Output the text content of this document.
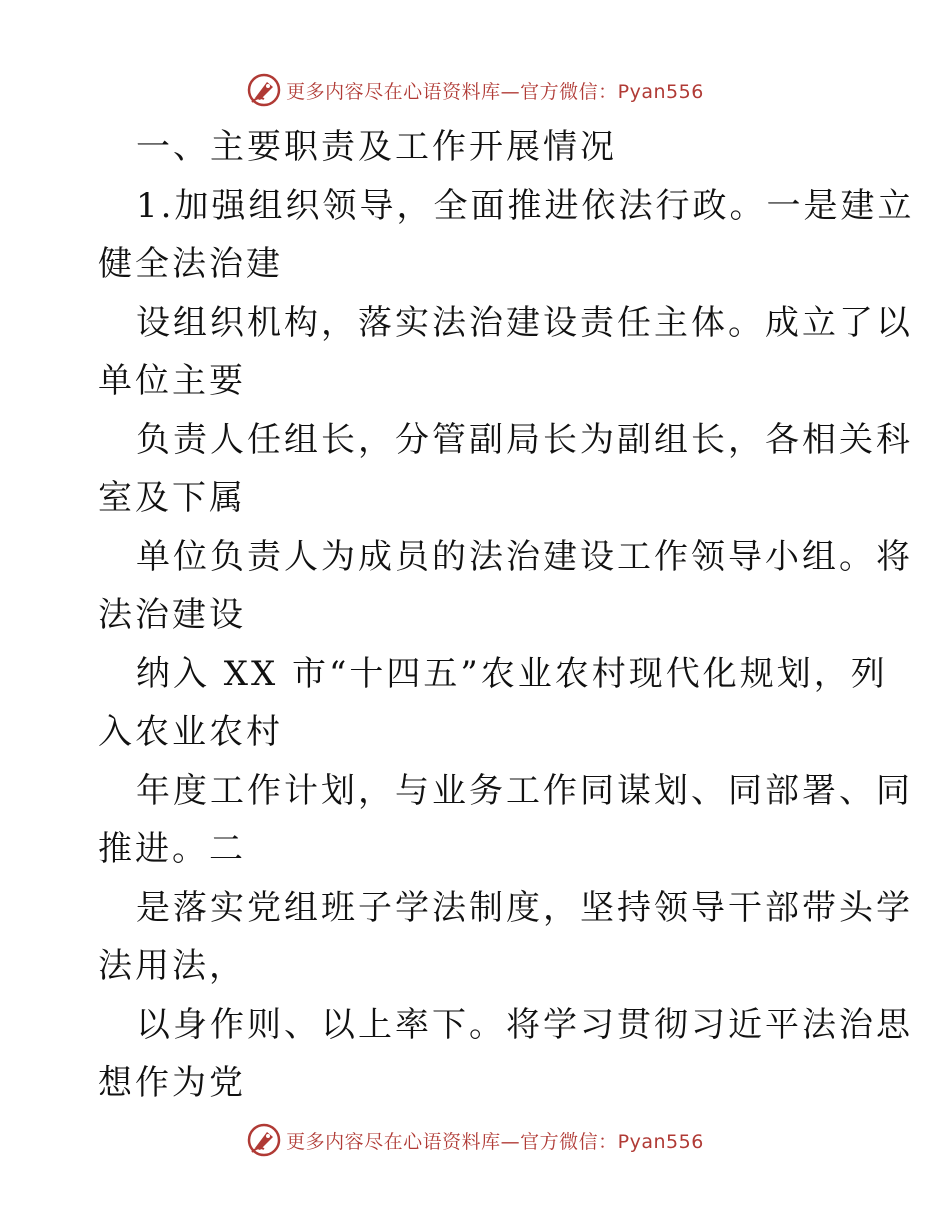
更多内容尽在心语资料库—官方微信：Pyan556
一、主要职责及工作开展情况
1.加强组织领导，全面推进依法行政。一是建立
健全法治建
设组织机构，落实法治建设责任主体。成立了以
单位主要
负责人任组长，分管副局长为副组长，各相关科
室及下属
单位负责人为成员的法治建设工作领导小组。将
法治建设
纳入 XX 市“十四五”农业农村现代化规划，列
入农业农村
年度工作计划，与业务工作同谋划、同部署、同
推进。二
是落实党组班子学法制度，坚持领导干部带头学
法用法，
以身作则、以上率下。将学习贯彻习近平法治思
想作为党
更多内容尽在心语资料库—官方微信：Pyan556
